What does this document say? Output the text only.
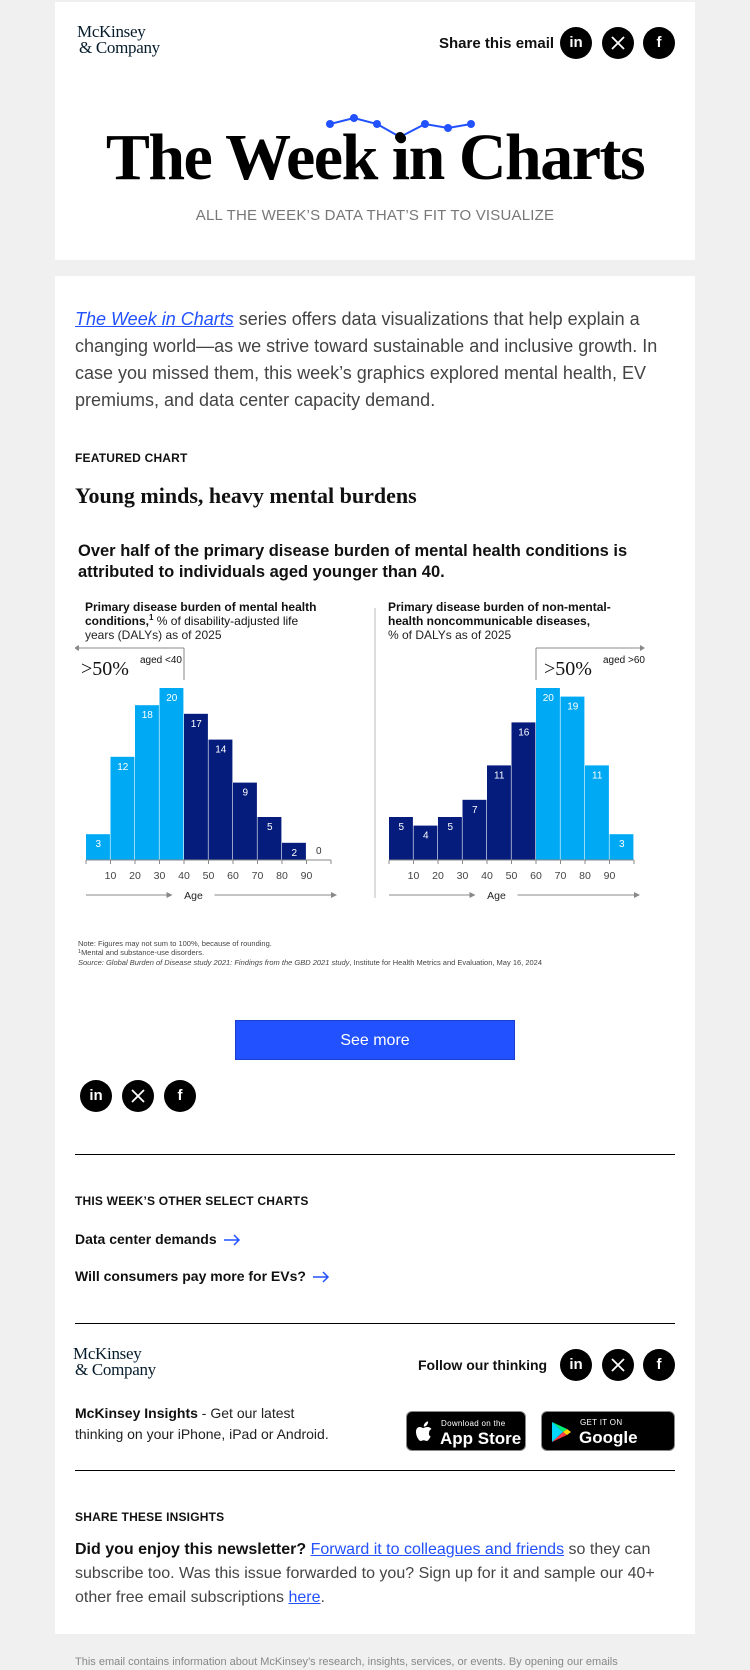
McKinsey
& Company	Share this email	in	f
The Week in Charts
ALL THE WEEK’S DATA THAT’S FIT TO VISUALIZE

The Week in Charts series offers data visualizations that help explain a changing world—as we strive toward sustainable and inclusive growth. In case you missed them, this week’s graphics explored mental health, EV premiums, and data center capacity demand.

FEATURED CHART
Young minds, heavy mental burdens
Over half of the primary disease burden of mental health conditions is
attributed to individuals aged younger than 40.
Primary disease burden of mental health
conditions,$^1$ % of disability-adjusted life
years (DALYs) as of 2025
3
12
18
20
17
14
9
5
2 0
10 20 30 40 50 60 70 80 90
Age
>50% aged <40
Primary disease burden of non-mental-
health noncommunicable diseases,
% of DALYs as of 2025
5
4
5
7
11
16
20
19
11
3
10 20 30 40 50 60 70 80 90
Age
>50% aged >60
Note: Figures may not sum to 100%, because of rounding.
$^1$Mental and substance-use disorders.
Source: Global Burden of Disease study 2021: Findings from the GBD 2021 study, Institute for Health Metrics and Evaluation, May 16, 2024
See more
in	f
THIS WEEK’S OTHER SELECT CHARTS
Data center demands
Will consumers pay more for EVs?
McKinsey
& Company	Follow our thinking	in	f

McKinsey Insights - Get our latest thinking on your iPhone, iPad or Android.

Download on the
App Store
GET IT ON
Google Play
SHARE THESE INSIGHTS

Did you enjoy this newsletter? Forward it to colleagues and friends so they can subscribe too. Was this issue forwarded to you? Sign up for it and sample our 40+ other free email subscriptions here.

This email contains information about McKinsey’s research, insights, services, or events. By opening our emails
